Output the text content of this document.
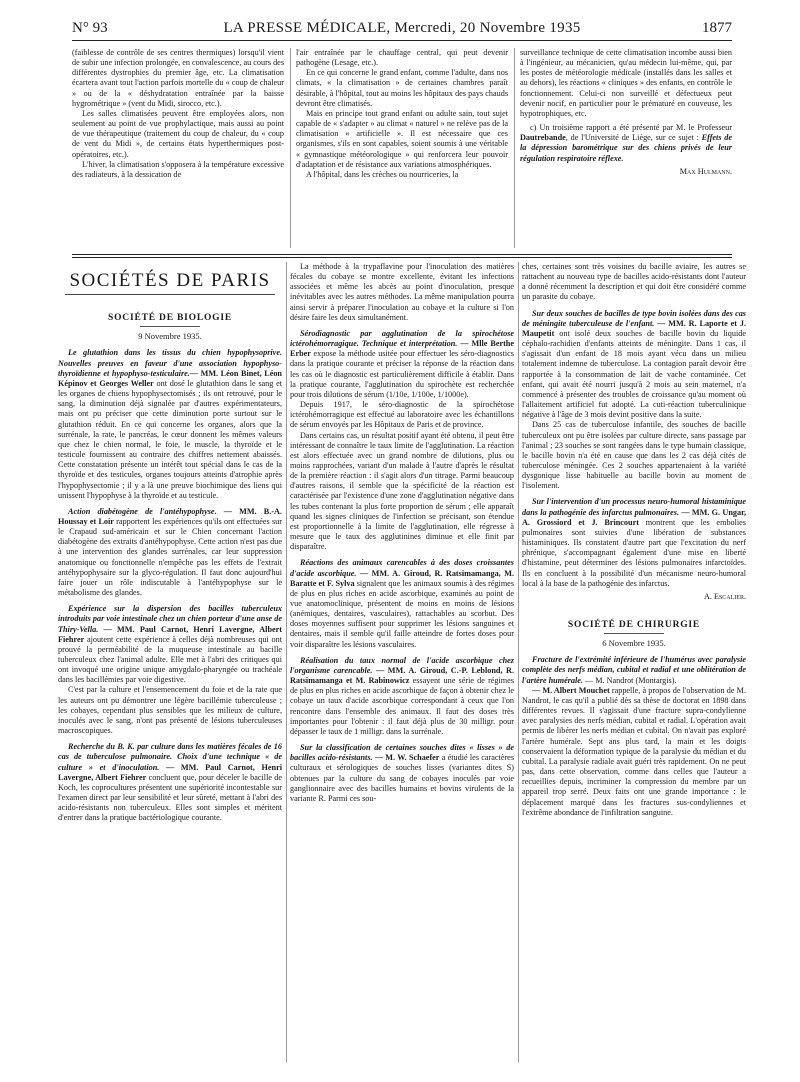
N° 93	LA PRESSE MÉDICALE, Mercredi, 20 Novembre 1935	1877

(faiblesse de contrôle de ses centres thermiques) lorsqu'il vient de subir une infection prolongée, en convalescence, au cours des différentes dystrophies du premier âge, etc. La climatisation écartera avant tout l'action parfois mortelle du « coup de chaleur » ou de la « déshydratation entraînée par la baisse hygrométrique » (vent du Midi, sirocco, etc.).

Les salles climatisées peuvent être employées alors, non seulement au point de vue prophylactique, mais aussi au point de vue thérapeutique (traitement du coup de chaleur, du « coup de vent du Midi », de certains états hyperthermiques post-opératoires, etc.).

L'hiver, la climatisation s'opposera à la température excessive des radiateurs, à la dessication de

l'air entraînée par le chauffage central, qui peut devenir pathogène (Lesage, etc.).

En ce qui concerne le grand enfant, comme l'adulte, dans nos climats, « la climatisation » de certaines chambres paraît désirable, à l'hôpital, tout au moins les hôpitaux des pays chauds devront être climatisés.

Mais en principe tout grand enfant ou adulte sain, tout sujet capable de « s'adapter » au climat « naturel » ne relève pas de la climatisation « artificielle ». Il est nécessaire que ces organismes, s'ils en sont capables, soient soumis à une véritable « gymnastique météorologique » qui renforcera leur pouvoir d'adaptation et de résistance aux variations atmosphériques.

A l'hôpital, dans les crèches ou nourriceries, la

surveillance technique de cette climatisation incombe aussi bien à l'ingénieur, au mécanicien, qu'au médecin lui-même, qui, par les postes de météorologie médicale (installés dans les salles et au dehors), les réactions « cliniques » des enfants, en contrôle le fonctionnement. Celui-ci non surveillé et défectueux peut devenir nocif, en particulier pour le prématuré en couveuse, les hypotrophiques, etc.

c) Un troisième rapport a été présenté par M. le Professeur Dautrebande, de l'Université de Liège, sur ce sujet : Effets de la dépression barométrique sur des chiens privés de leur régulation respiratoire réflexe.

Max Hulmann.
SOCIÉTÉS DE PARIS
SOCIÉTÉ DE BIOLOGIE
9 Novembre 1935.

Le glutathion dans les tissus du chien hypophysoprive. Nouvelles preuves en faveur d'une association hypophyso-thyroïdienne et hypophyso-testiculaire.— MM. Léon Binet, Léon Képinov et Georges Weller ont dosé le glutathion dans le sang et les organes de chiens hypophysectomisés ; ils ont retrouvé, pour le sang, la diminution déjà signalée par d'autres expérimentateurs, mais ont pu préciser que cette diminution porte surtout sur le glutathion réduit. En ce qui concerne les organes, alors que la surrénale, la rate, le pancréas, le cœur donnent les mêmes valeurs que chez le chien normal, le foie, le muscle, la thyroïde et le testicule fournissent au contraire des chiffres nettement abaissés. Cette constatation présente un intérêt tout spécial dans le cas de la thyroïde et des testicules, organes toujours atteints d'atrophie après l'hypophysectomie ; il y a là une preuve biochimique des liens qui unissent l'hypophyse à la thyroïde et au testicule.

Action diabétogène de l'antéhypophyse. — MM. B.-A. Houssay et Loir rapportent les expériences qu'ils ont effectuées sur le Crapaud sud-américain et sur le Chien concernant l'action diabétogène des extraits d'antéhypophyse. Cette action n'est pas due à une intervention des glandes surrénales, car leur suppression anatomique ou fonctionnelle n'empêche pas les effets de l'extrait antéhypophysaire sur la glyco-régulation. Il faut donc aujourd'hui faire jouer un rôle indiscutable à l'antéhypophyse sur le métabolisme des glandes.

Expérience sur la dispersion des bacilles tuberculeux introduits par voie intestinale chez un chien porteur d'une anse de Thiry-Vella. — MM. Paul Carnot, Henri Lavergne, Albert Fiehrer ajoutent cette expérience à celles déjà nombreuses qui ont prouvé la perméabilité de la muqueuse intestinale au bacille tuberculeux chez l'animal adulte. Elle met à l'abri des critiques qui ont invoqué une origine unique amygdalo-pharyngée ou trachéale dans les bacillémies par voie digestive.

C'est par la culture et l'ensemencement du foie et de la rate que les auteurs ont pu démontrer une légère bacillémie tuberculeuse ; les cobayes, cependant plus sensibles que les milieux de culture, inoculés avec le sang, n'ont pas présenté de lésions tuberculeuses macroscopiques.

Recherche du B. K. par culture dans les matières fécales de 16 cas de tuberculose pulmonaire. Choix d'une technique « de culture » et d'inoculation. — MM. Paul Carnot, Henri Lavergne, Albert Fiehrer concluent que, pour déceler le bacille de Koch, les coprocultures présentent une supériorité incontestable sur l'examen direct par leur sensibilité et leur sûreté, mettant à l'abri des acido-résistants non tuberculeux. Elles sont simples et méritent d'entrer dans la pratique bactériologique courante.

La méthode à la trypaflavine pour l'inoculation des matières fécales du cobaye se montre excellente, évitant les infections associées et même les abcès au point d'inoculation, presque inévitables avec les autres méthodes. La même manipulation pourra ainsi servir à préparer l'inoculation au cobaye et la culture si l'on désire faire les deux simultanément.

Sérodiagnostic par agglutination de la spirochétose ictérohémorragique. Technique et interprétation. — Mlle Berthe Erber expose la méthode usitée pour effectuer les séro-diagnostics dans la pratique courante et préciser la réponse de la réaction dans les cas où le diagnostic est particulièrement difficile à établir. Dans la pratique courante, l'agglutination du spirochète est recherchée pour trois dilutions de sérum (1/10e, 1/100e, 1/1000e).

Depuis 1917, le séro-diagnostic de la spirochétose ictérohémorragique est effectué au laboratoire avec les échantillons de sérum envoyés par les Hôpitaux de Paris et de province.

Dans certains cas, un résultat positif ayant été obtenu, il peut être intéressant de connaître le taux limite de l'agglutination. La réaction est alors effectuée avec un grand nombre de dilutions, plus ou moins rapprochées, variant d'un malade à l'autre d'après le résultat de la première réaction : il s'agit alors d'un titrage. Parmi beaucoup d'autres raisons, il semble que la spécificité de la réaction est caractérisée par l'existence d'une zone d'agglutination négative dans les tubes contenant la plus forte proportion de sérum ; elle apparaît quand les signes cliniques de l'infection se précisant, son étendue est proportionnelle à la limite de l'agglutination, elle régresse à mesure que le taux des agglutinines diminue et elle finit par disparaître.

Réactions des animaux carencables à des doses croissantes d'acide ascorbique. — MM. A. Giroud, R. Ratsimamanga, M. Baratte et F. Sylva signalent que les animaux soumis à des régimes de plus en plus riches en acide ascorbique, examinés au point de vue anatomoclinique, présentent de moins en moins de lésions (anémiques, dentaires, vasculaires), rattachables au scorbut. Des doses moyennes suffisent pour supprimer les lésions sanguines et dentaires, mais il semble qu'il faille atteindre de fortes doses pour voir disparaître les lésions vasculaires.

Réalisation du taux normal de l'acide ascorbique chez l'organisme carencable. — MM. A. Giroud, C.-P. Leblond, R. Ratsimamanga et M. Rabinowicz essayent une série de régimes de plus en plus riches en acide ascorbique de façon à obtenir chez le cobaye un taux d'acide ascorbique correspondant à ceux que l'on rencontre dans l'ensemble des animaux. Il faut des doses très importantes pour l'obtenir : il faut déjà plus de 30 milligr. pour dépasser le taux de 1 milligr. dans la surrénale.

Sur la classification de certaines souches dites « lisses » de bacilles acido-résistants. — M. W. Schaefer a étudié les caractères culturaux et sérologiques de souches lisses (variantes dites S) obtenues par la culture du sang de cobayes inoculés par voie ganglionnaire avec des bacilles humains et bovins virulents de la variante R. Parmi ces sou-

ches, certaines sont très voisines du bacille aviaire, les autres se rattachent au nouveau type de bacilles acido-résistants dont l'auteur a donné récemment la description et qui doit être considéré comme un parasite du cobaye.

Sur deux souches de bacilles de type bovin isolées dans des cas de méningite tuberculeuse de l'enfant. — MM. R. Laporte et J. Maupetit ont isolé deux souches de bacille bovin du liquide céphalo-rachidien d'enfants atteints de méningite. Dans 1 cas, il s'agissait d'un enfant de 18 mois ayant vécu dans un milieu totalement indemne de tuberculose. La contagion paraît devoir être rapportée à la consommation de lait de vache contaminée. Cet enfant, qui avait été nourri jusqu'à 2 mois au sein maternel, n'a commencé à présenter des troubles de croissance qu'au moment où l'allaitement artificiel fut adopté. La cuti-réaction tuberculinique négative à l'âge de 3 mois devint positive dans la suite.

Dans 25 cas de tuberculose infantile, des souches de bacille tuberculeux ont pu être isolées par culture directe, sans passage par l'animal ; 23 souches se sont rangées dans le type humain classique, le bacille bovin n'a été en cause que dans les 2 cas déjà cités de tuberculose méningée. Ces 2 souches appartenaient à la variété dysgonique lisse habituelle au bacille bovin au moment de l'isolement.

Sur l'intervention d'un processus neuro-humoral histaminique dans la pathogénie des infarctus pulmonaires. — MM. G. Ungar, A. Grossiord et J. Brincourt montrent que les embolies pulmonaires sont suivies d'une libération de substances histaminiques. Ils constatent d'autre part que l'excitation du nerf phrénique, s'accompagnant également d'une mise en liberté d'histamine, peut déterminer des lésions pulmonaires infarctoïdes. Ils en concluent à la possibilité d'un mécanisme neuro-humoral local à la base de la pathogénie des infarctus.

A. Escalier.
SOCIÉTÉ DE CHIRURGIE
6 Novembre 1935.

Fracture de l'extrémité inférieure de l'humérus avec paralysie complète des nerfs médian, cubital et radial et une oblitération de l'artère humérale. — M. Nandrot (Montargis).

— M. Albert Mouchet rappelle, à propos de l'observation de M. Nandrot, le cas qu'il a publié dès sa thèse de doctorat en 1898 dans différentes revues. Il s'agissait d'une fracture supra-condylienne avec paralysies des nerfs médian, cubital et radial. L'opération avait permis de libérer les nerfs médian et cubital. On n'avait pas exploré l'artère humérale. Sept ans plus tard, la main et les doigts conservaient la déformation typique de la paralysie du médian et du cubital. La paralysie radiale avait guéri très rapidement. On ne peut pas, dans cette observation, comme dans celles que l'auteur a recueillies depuis, incriminer la compression du membre par un appareil trop serré. Deux faits ont une grande importance : le déplacement marqué dans les fractures sus-condyliennes et l'extrême abondance de l'infiltration sanguine.
